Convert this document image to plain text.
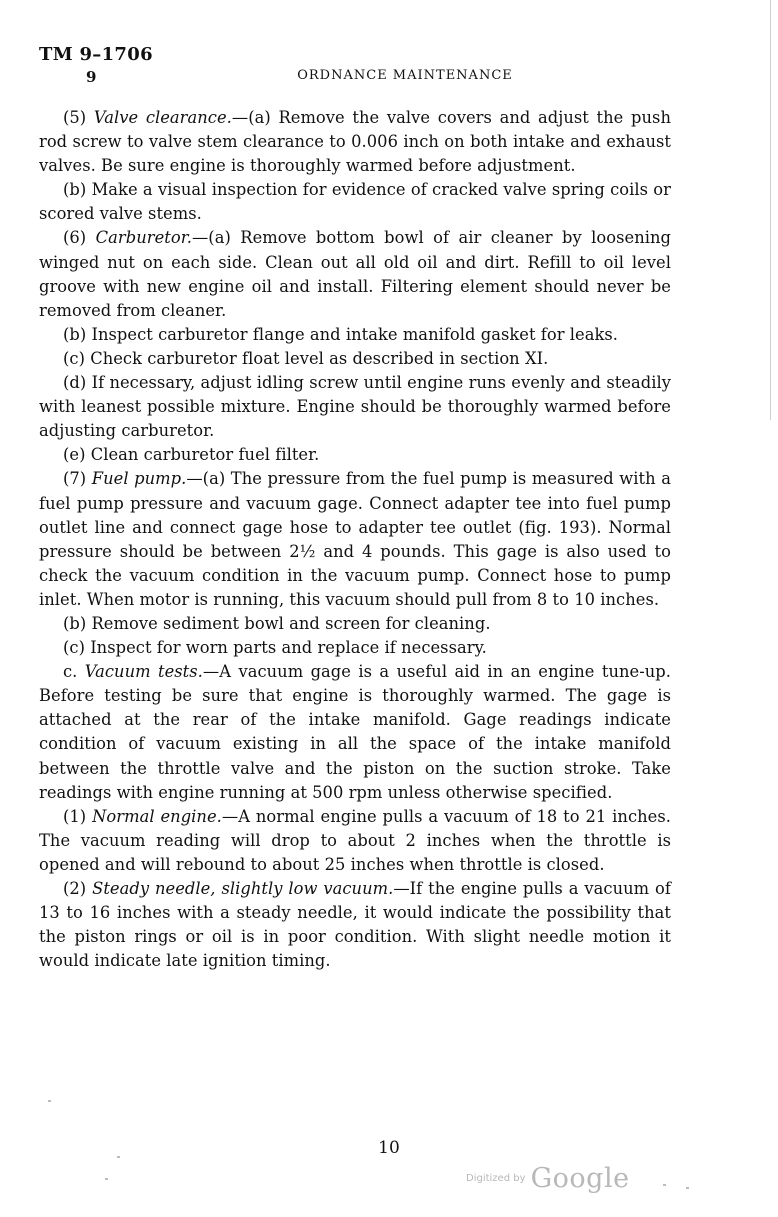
TM 9–1706
9	ORDNANCE MAINTENANCE

(5) Valve clearance.—(a) Remove the valve covers and adjust the push rod screw to valve stem clearance to 0.006 inch on both intake and exhaust valves. Be sure engine is thoroughly warmed before adjustment.

(b) Make a visual inspection for evidence of cracked valve spring coils or scored valve stems.

(6) Carburetor.—(a) Remove bottom bowl of air cleaner by loosening winged nut on each side. Clean out all old oil and dirt. Refill to oil level groove with new engine oil and install. Filtering element should never be removed from cleaner.

(b) Inspect carburetor flange and intake manifold gasket for leaks.

(c) Check carburetor float level as described in section XI.

(d) If necessary, adjust idling screw until engine runs evenly and steadily with leanest possible mixture. Engine should be thoroughly warmed before adjusting carburetor.

(e) Clean carburetor fuel filter.

(7) Fuel pump.—(a) The pressure from the fuel pump is measured with a fuel pump pressure and vacuum gage. Connect adapter tee into fuel pump outlet line and connect gage hose to adapter tee outlet (fig. 193). Normal pressure should be between 2½ and 4 pounds. This gage is also used to check the vacuum condition in the vacuum pump. Connect hose to pump inlet. When motor is running, this vacuum should pull from 8 to 10 inches.

(b) Remove sediment bowl and screen for cleaning.

(c) Inspect for worn parts and replace if necessary.

c. Vacuum tests.—A vacuum gage is a useful aid in an engine tune-up. Before testing be sure that engine is thoroughly warmed. The gage is attached at the rear of the intake manifold. Gage readings indicate condition of vacuum existing in all the space of the intake manifold between the throttle valve and the piston on the suction stroke. Take readings with engine running at 500 rpm unless otherwise specified.

(1) Normal engine.—A normal engine pulls a vacuum of 18 to 21 inches. The vacuum reading will drop to about 2 inches when the throttle is opened and will rebound to about 25 inches when throttle is closed.

(2) Steady needle, slightly low vacuum.—If the engine pulls a vacuum of 13 to 16 inches with a steady needle, it would indicate the possibility that the piston rings or oil is in poor condition. With slight needle motion it would indicate late ignition timing.

10
Digitized by Google
